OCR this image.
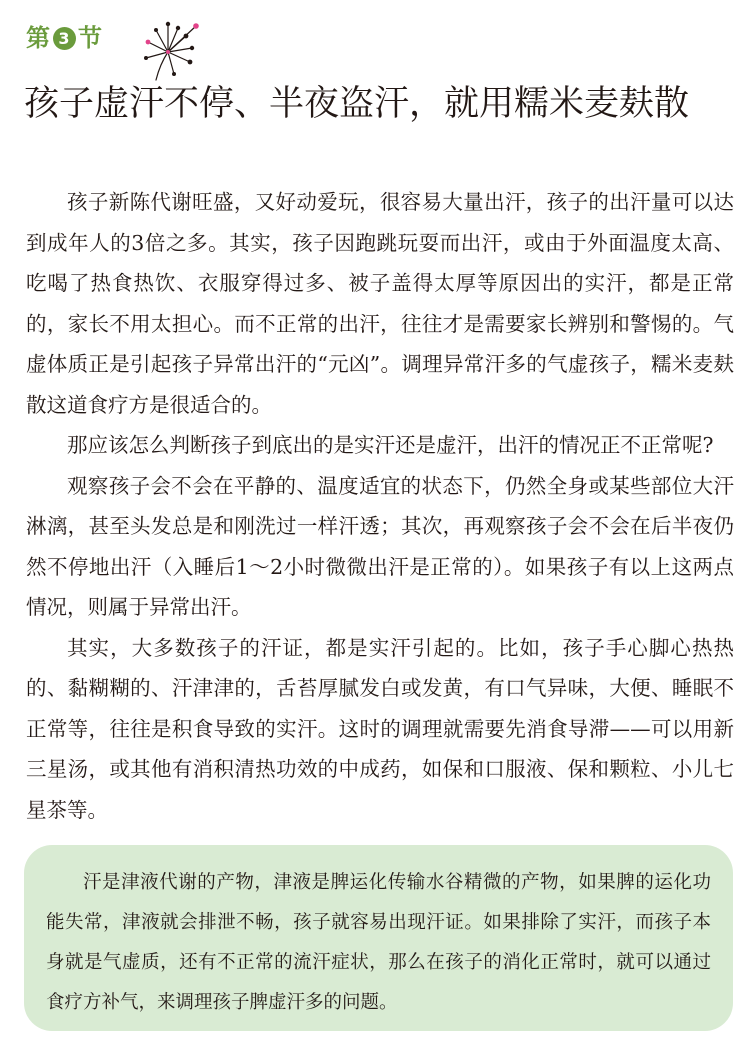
第 3 节
孩子虚汗不停、半夜盗汗，就用糯米麦麸散

孩子新陈代谢旺盛，又好动爱玩，很容易大量出汗，孩子的出汗量可以达到成年人的3倍之多。其实，孩子因跑跳玩耍而出汗，或由于外面温度太高、吃喝了热食热饮、衣服穿得过多、被子盖得太厚等原因出的实汗，都是正常的，家长不用太担心。而不正常的出汗，往往才是需要家长辨别和警惕的。气虚体质正是引起孩子异常出汗的“元凶”。调理异常汗多的气虚孩子，糯米麦麸散这道食疗方是很适合的。

那应该怎么判断孩子到底出的是实汗还是虚汗，出汗的情况正不正常呢?

观察孩子会不会在平静的、温度适宜的状态下，仍然全身或某些部位大汗淋漓，甚至头发总是和刚洗过一样汗透；其次，再观察孩子会不会在后半夜仍然不停地出汗（入睡后1～2小时微微出汗是正常的）。如果孩子有以上这两点情况，则属于异常出汗。

其实，大多数孩子的汗证，都是实汗引起的。比如，孩子手心脚心热热的、黏糊糊的、汗津津的，舌苔厚腻发白或发黄，有口气异味，大便、睡眠不正常等，往往是积食导致的实汗。这时的调理就需要先消食导滞——可以用新三星汤，或其他有消积清热功效的中成药，如保和口服液、保和颗粒、小儿七星茶等。

汗是津液代谢的产物，津液是脾运化传输水谷精微的产物，如果脾的运化功能失常，津液就会排泄不畅，孩子就容易出现汗证。如果排除了实汗，而孩子本身就是气虚质，还有不正常的流汗症状，那么在孩子的消化正常时，就可以通过食疗方补气，来调理孩子脾虚汗多的问题。
